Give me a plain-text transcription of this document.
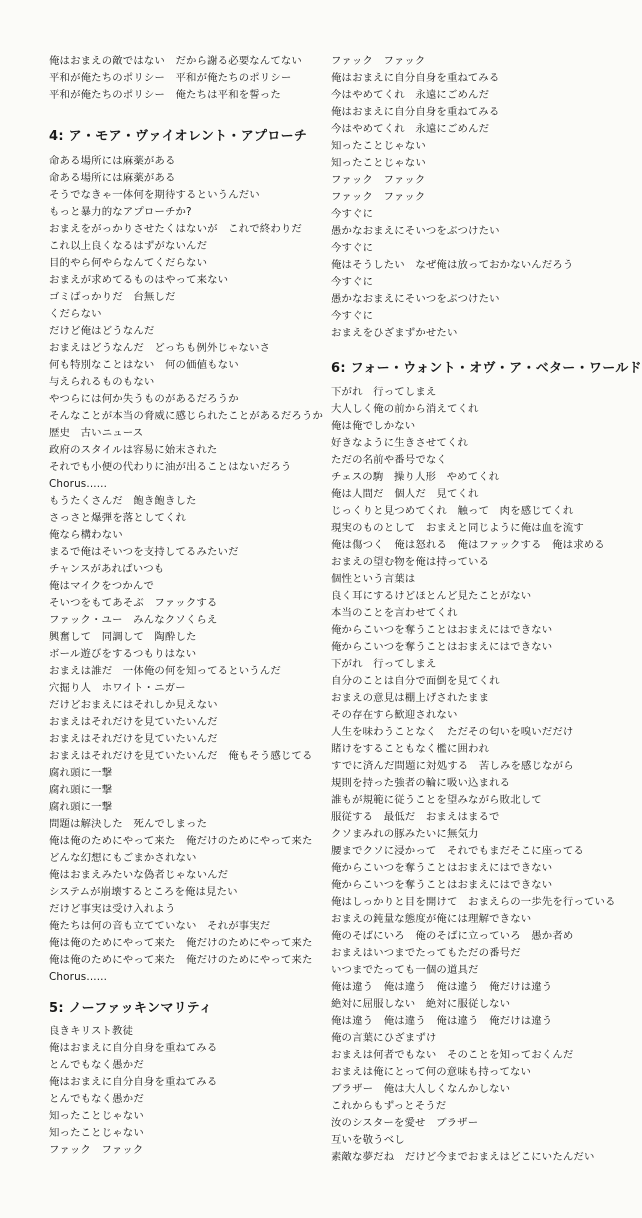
俺はおまえの敵ではない　だから謝る必要なんてない
平和が俺たちのポリシー　平和が俺たちのポリシー
平和が俺たちのポリシー　俺たちは平和を誓った
4: ア・モア・ヴァイオレント・アプローチ
命ある場所には麻薬がある
命ある場所には麻薬がある
そうでなきゃ一体何を期待するというんだい
もっと暴力的なアプローチか?
おまえをがっかりさせたくはないが　これで終わりだ
これ以上良くなるはずがないんだ
目的やら何やらなんてくだらない
おまえが求めてるものはやって来ない
ゴミばっかりだ　台無しだ
くだらない
だけど俺はどうなんだ
おまえはどうなんだ　どっちも例外じゃないさ
何も特別なことはない　何の価値もない
与えられるものもない
やつらには何か失うものがあるだろうか
そんなことが本当の脅威に感じられたことがあるだろうか
歴史　古いニュース
政府のスタイルは容易に始末された
それでも小便の代わりに油が出ることはないだろう
Chorus......
もうたくさんだ　飽き飽きした
さっさと爆弾を落としてくれ
俺なら構わない
まるで俺はそいつを支持してるみたいだ
チャンスがあればいつも
俺はマイクをつかんで
そいつをもてあそぶ　ファックする
ファック・ユー　みんなクソくらえ
興奮して　同調して　陶酔した
ボール遊びをするつもりはない
おまえは誰だ　一体俺の何を知ってるというんだ
穴掘り人　ホワイト・ニガー
だけどおまえにはそれしか見えない
おまえはそれだけを見ていたいんだ
おまえはそれだけを見ていたいんだ
おまえはそれだけを見ていたいんだ　俺もそう感じてる
腐れ頭に一撃
腐れ頭に一撃
腐れ頭に一撃
問題は解決した　死んでしまった
俺は俺のためにやって来た　俺だけのためにやって来た
どんな幻想にもごまかされない
俺はおまえみたいな偽者じゃないんだ
システムが崩壊するところを俺は見たい
だけど事実は受け入れよう
俺たちは何の音も立てていない　それが事実だ
俺は俺のためにやって来た　俺だけのためにやって来た
俺は俺のためにやって来た　俺だけのためにやって来た
Chorus......
5: ノーファッキンマリティ
良きキリスト教徒
俺はおまえに自分自身を重ねてみる
とんでもなく愚かだ
俺はおまえに自分自身を重ねてみる
とんでもなく愚かだ
知ったことじゃない
知ったことじゃない
ファック　ファック
ファック　ファック
俺はおまえに自分自身を重ねてみる
今はやめてくれ　永遠にごめんだ
俺はおまえに自分自身を重ねてみる
今はやめてくれ　永遠にごめんだ
知ったことじゃない
知ったことじゃない
ファック　ファック
ファック　ファック
今すぐに
愚かなおまえにそいつをぶつけたい
今すぐに
俺はそうしたい　なぜ俺は放っておかないんだろう
今すぐに
愚かなおまえにそいつをぶつけたい
今すぐに
おまえをひざまずかせたい
6: フォー・ウォント・オヴ・ア・ベター・ワールド
下がれ　行ってしまえ
大人しく俺の前から消えてくれ
俺は俺でしかない
好きなように生きさせてくれ
ただの名前や番号でなく
チェスの駒　操り人形　やめてくれ
俺は人間だ　個人だ　見てくれ
じっくりと見つめてくれ　触って　肉を感じてくれ
現実のものとして　おまえと同じように俺は血を流す
俺は傷つく　俺は怒れる　俺はファックする　俺は求める
おまえの望む物を俺は持っている
個性という言葉は
良く耳にするけどほとんど見たことがない
本当のことを言わせてくれ
俺からこいつを奪うことはおまえにはできない
俺からこいつを奪うことはおまえにはできない
下がれ　行ってしまえ
自分のことは自分で面倒を見てくれ
おまえの意見は棚上げされたまま
その存在すら歓迎されない
人生を味わうことなく　ただその匂いを嗅いだだけ
賭けをすることもなく檻に囲われ
すでに済んだ問題に対処する　苦しみを感じながら
規則を持った強者の輪に吸い込まれる
誰もが規範に従うことを望みながら敗北して
服従する　最低だ　おまえはまるで
クソまみれの豚みたいに無気力
腰までクソに浸かって　それでもまだそこに座ってる
俺からこいつを奪うことはおまえにはできない
俺からこいつを奪うことはおまえにはできない
俺はしっかりと目を開けて　おまえらの一歩先を行っている
おまえの鈍量な態度が俺には理解できない
俺のそばにいろ　俺のそばに立っていろ　愚か者め
おまえはいつまでたってもただの番号だ
いつまでたっても一個の道具だ
俺は違う　俺は違う　俺は違う　俺だけは違う
絶対に屈服しない　絶対に服従しない
俺は違う　俺は違う　俺は違う　俺だけは違う
俺の言葉にひざまずけ
おまえは何者でもない　そのことを知っておくんだ
おまえは俺にとって何の意味も持ってない
ブラザー　俺は大人しくなんかしない
これからもずっとそうだ
汝のシスターを愛せ　ブラザー
互いを敬うべし
素敵な夢だね　だけど今までおまえはどこにいたんだい
